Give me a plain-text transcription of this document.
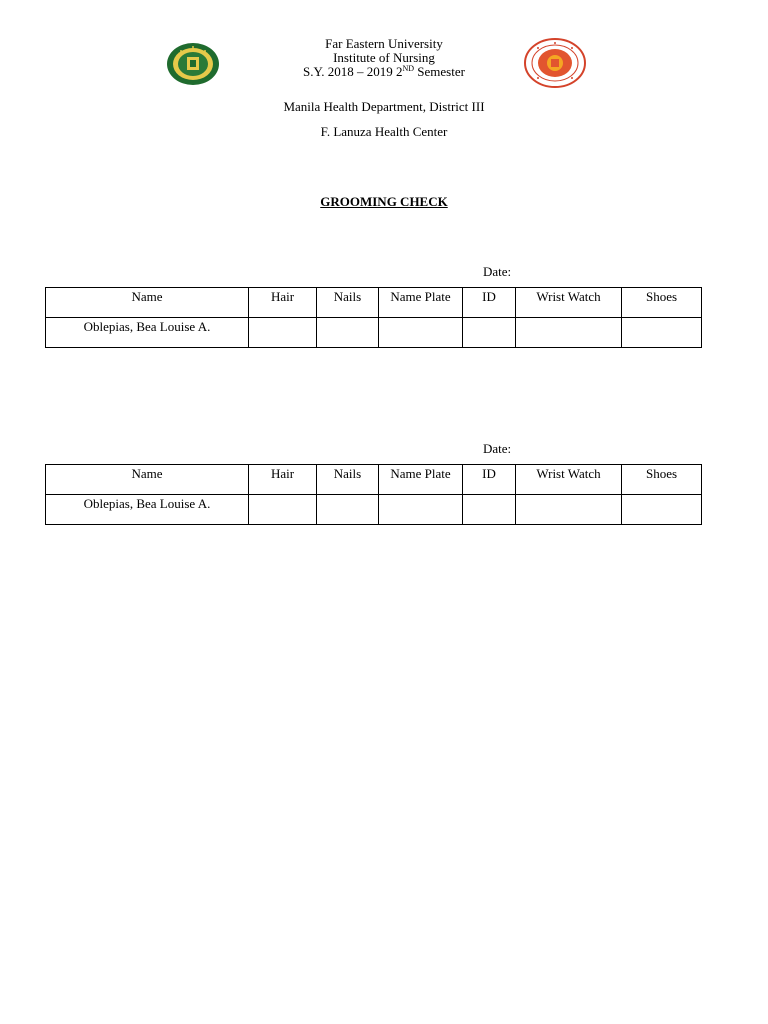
Far Eastern University
Institute of Nursing
S.Y. 2018 – 2019 2ND Semester
Manila Health Department, District III
F. Lanuza Health Center
GROOMING CHECK
Date:
Name	Hair	Nails	Name Plate	ID	Wrist Watch	Shoes

Oblepias, Bea Louise A.						

Date:
Name	Hair	Nails	Name Plate	ID	Wrist Watch	Shoes

Oblepias, Bea Louise A.						
